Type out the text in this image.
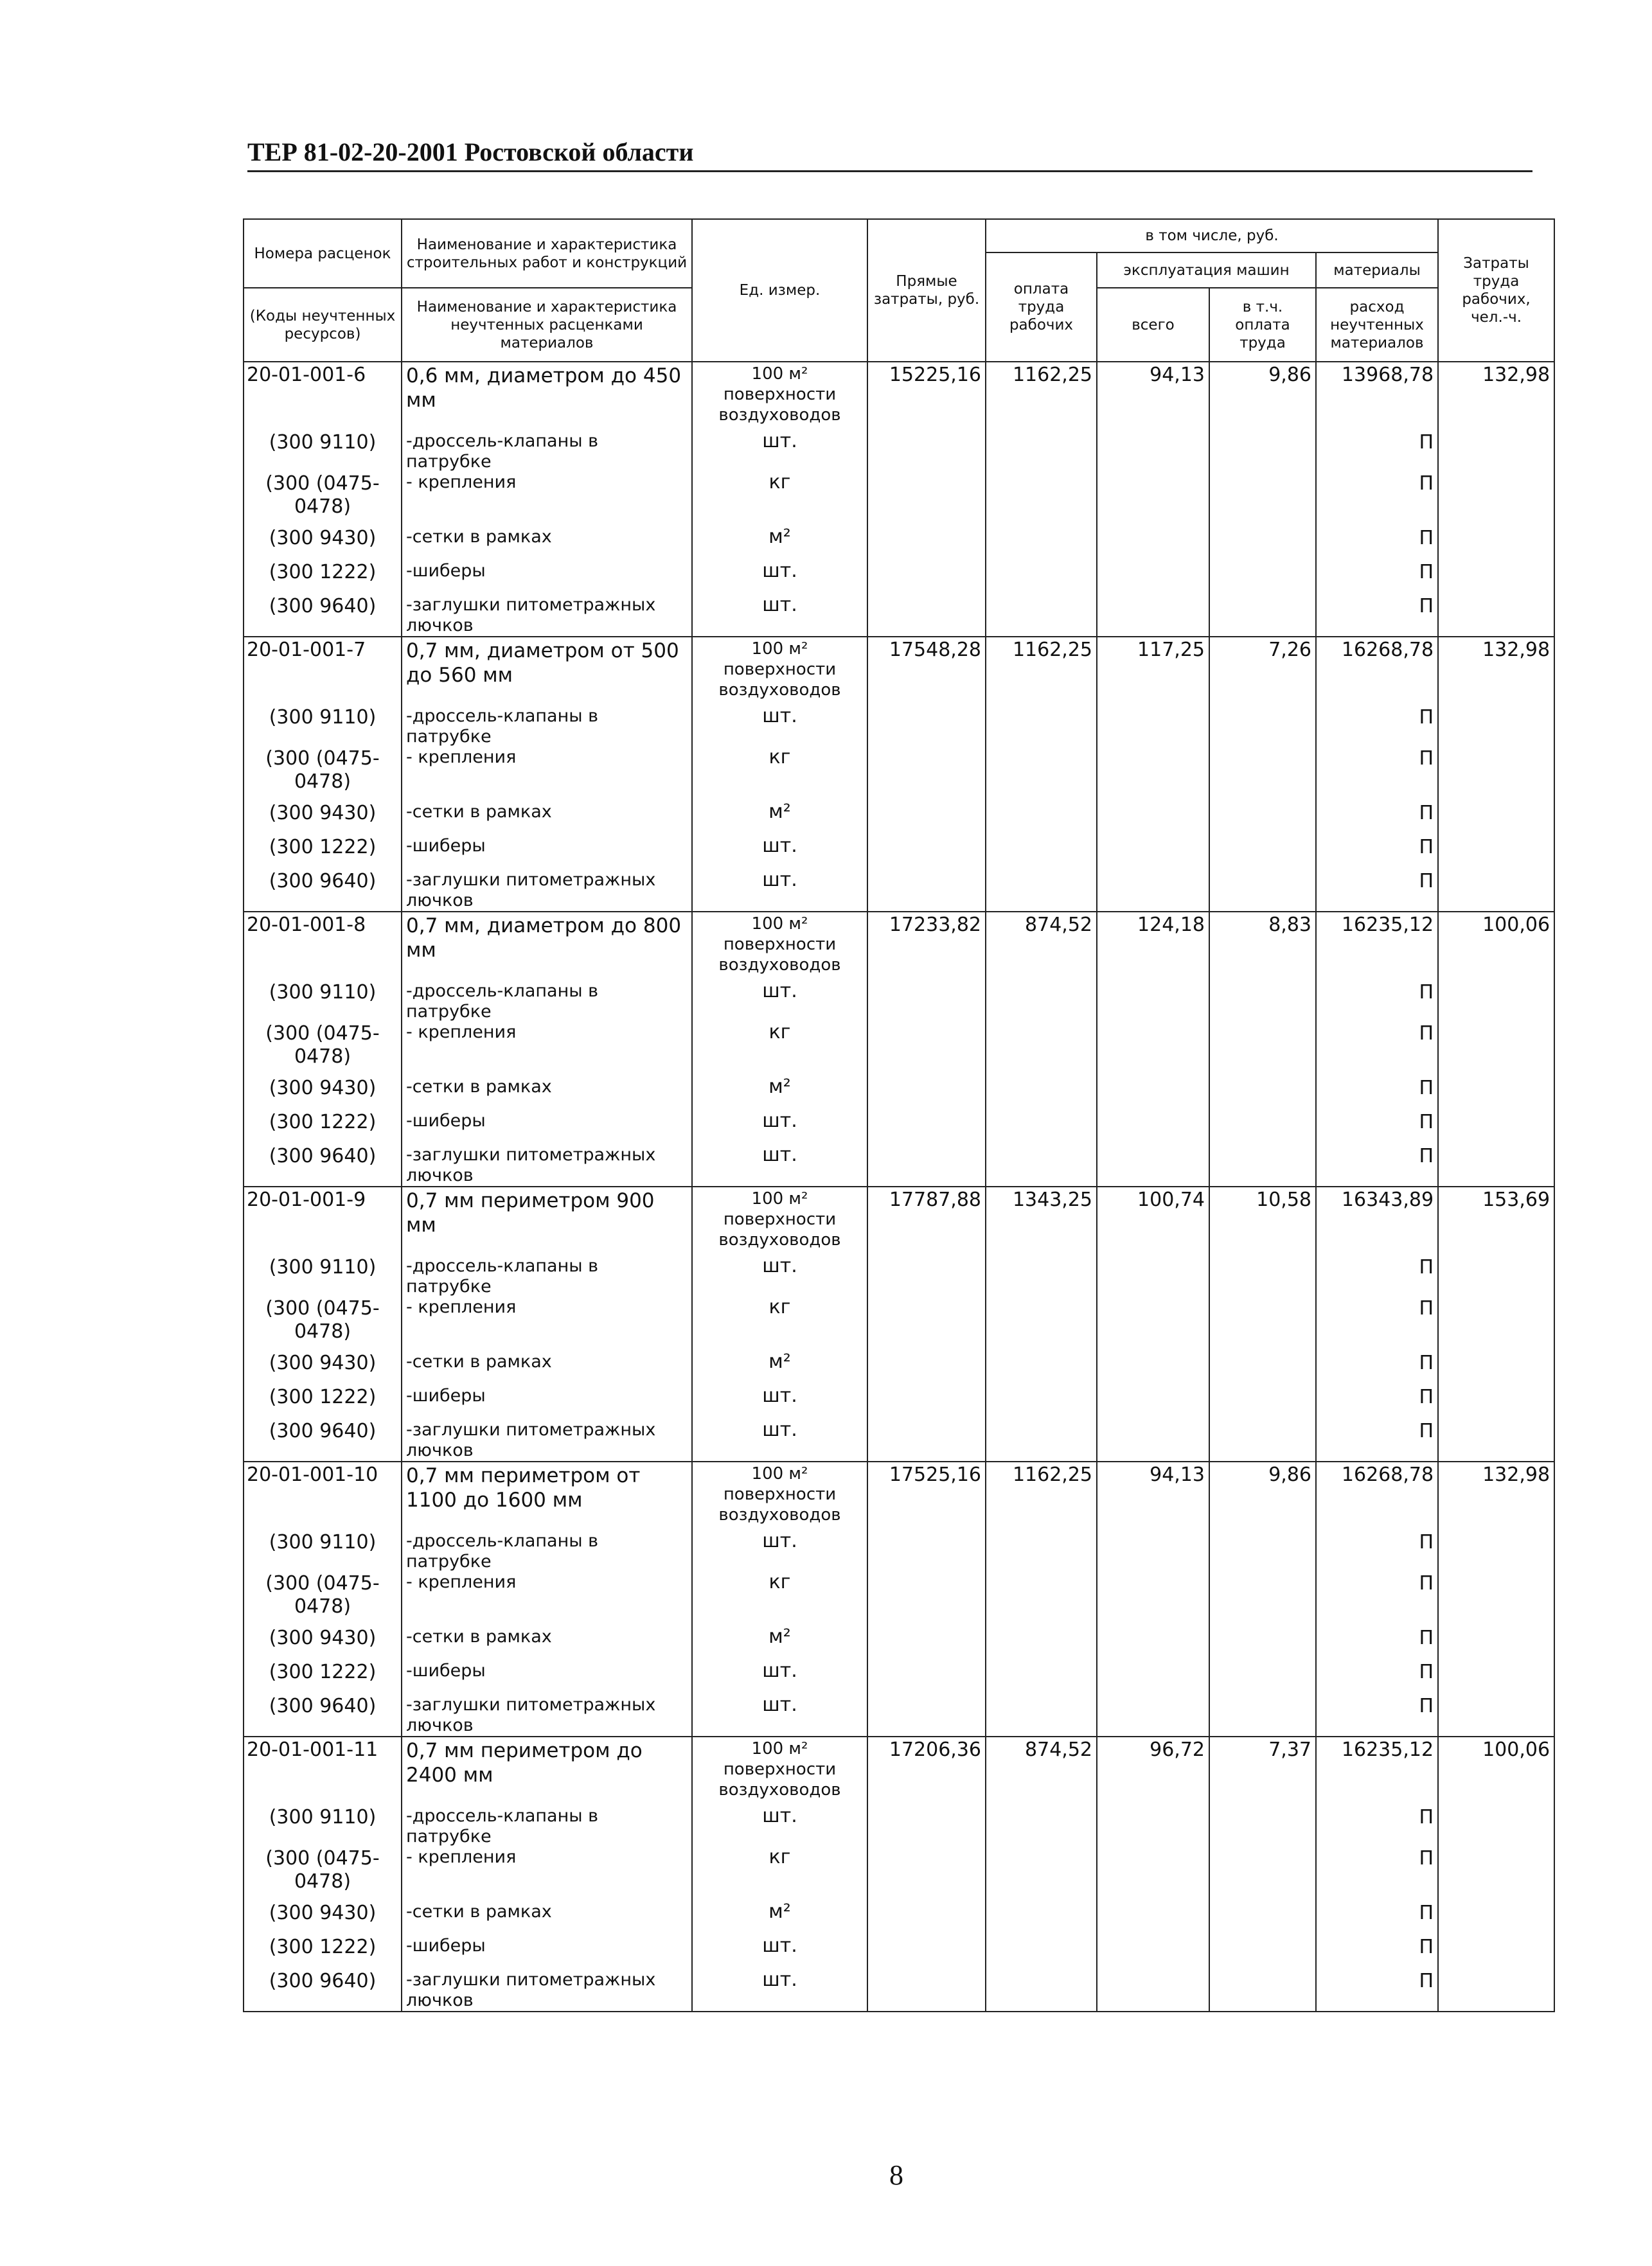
ТЕР 81-02-20-2001 Ростовской области
Номера расценок	Наименование и характеристика строительных работ и конструкций	Ед. измер.	Прямые затраты, руб.	в том числе, руб.				Затраты труда рабочих, чел.-ч.
				оплата труда рабочих	эксплуатация машин		материалы	
(Коды неучтенных ресурсов)	Наименование и характеристика неучтенных расценками материалов				всего	в т.ч. оплата труда	расход неучтенных материалов	

20-01-001-6	0,6 мм, диаметром до 450 мм	100 м² поверхности воздуховодов	15225,16	1162,25	94,13	9,86	13968,78	132,98
(300 9110)	-дроссель-клапаны в патрубке	шт.					П	
(300 (0475-0478)	- крепления	кг					П	
(300 9430)	-сетки в рамках	м²					П	
(300 1222)	-шиберы	шт.					П	
(300 9640)	-заглушки питометражных лючков	шт.					П	
20-01-001-7	0,7 мм, диаметром от 500 до 560 мм	100 м² поверхности воздуховодов	17548,28	1162,25	117,25	7,26	16268,78	132,98
(300 9110)	-дроссель-клапаны в патрубке	шт.					П	
(300 (0475-0478)	- крепления	кг					П	
(300 9430)	-сетки в рамках	м²					П	
(300 1222)	-шиберы	шт.					П	
(300 9640)	-заглушки питометражных лючков	шт.					П	
20-01-001-8	0,7 мм, диаметром до 800 мм	100 м² поверхности воздуховодов	17233,82	874,52	124,18	8,83	16235,12	100,06
(300 9110)	-дроссель-клапаны в патрубке	шт.					П	
(300 (0475-0478)	- крепления	кг					П	
(300 9430)	-сетки в рамках	м²					П	
(300 1222)	-шиберы	шт.					П	
(300 9640)	-заглушки питометражных лючков	шт.					П	
20-01-001-9	0,7 мм периметром 900 мм	100 м² поверхности воздуховодов	17787,88	1343,25	100,74	10,58	16343,89	153,69
(300 9110)	-дроссель-клапаны в патрубке	шт.					П	
(300 (0475-0478)	- крепления	кг					П	
(300 9430)	-сетки в рамках	м²					П	
(300 1222)	-шиберы	шт.					П	
(300 9640)	-заглушки питометражных лючков	шт.					П	
20-01-001-10	0,7 мм периметром от 1100 до 1600 мм	100 м² поверхности воздуховодов	17525,16	1162,25	94,13	9,86	16268,78	132,98
(300 9110)	-дроссель-клапаны в патрубке	шт.					П	
(300 (0475-0478)	- крепления	кг					П	
(300 9430)	-сетки в рамках	м²					П	
(300 1222)	-шиберы	шт.					П	
(300 9640)	-заглушки питометражных лючков	шт.					П	
20-01-001-11	0,7 мм периметром до 2400 мм	100 м² поверхности воздуховодов	17206,36	874,52	96,72	7,37	16235,12	100,06
(300 9110)	-дроссель-клапаны в патрубке	шт.					П	
(300 (0475-0478)	- крепления	кг					П	
(300 9430)	-сетки в рамках	м²					П	
(300 1222)	-шиберы	шт.					П	
(300 9640)	-заглушки питометражных лючков	шт.					П	
8
